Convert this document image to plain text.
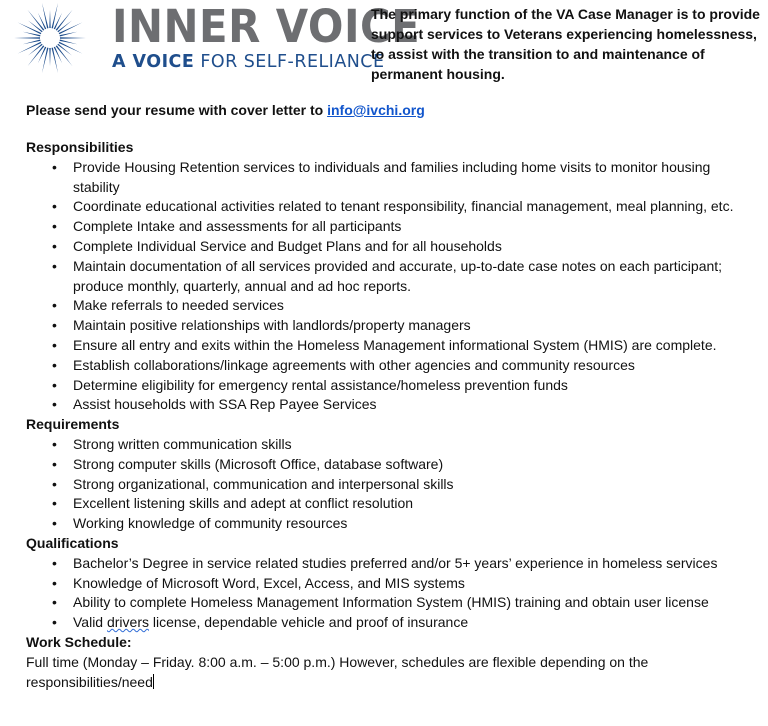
INNER VOICE
A VOICE FOR SELF-RELIANCE
The primary function of the VA Case Manager is to provide support services to Veterans experiencing homelessness, to assist with the transition to and maintenance of permanent housing.
Please send your resume with cover letter to info@ivchi.org
Responsibilities
• Provide Housing Retention services to individuals and families including home visits to monitor housing stability
• Coordinate educational activities related to tenant responsibility, financial management, meal planning, etc.
• Complete Intake and assessments for all participants
• Complete Individual Service and Budget Plans and for all households
• Maintain documentation of all services provided and accurate, up-to-date case notes on each participant; produce monthly, quarterly, annual and ad hoc reports.
• Make referrals to needed services
• Maintain positive relationships with landlords/property managers
• Ensure all entry and exits within the Homeless Management informational System (HMIS) are complete.
• Establish collaborations/linkage agreements with other agencies and community resources
• Determine eligibility for emergency rental assistance/homeless prevention funds
• Assist households with SSA Rep Payee Services
Requirements
• Strong written communication skills
• Strong computer skills (Microsoft Office, database software)
• Strong organizational, communication and interpersonal skills
• Excellent listening skills and adept at conflict resolution
• Working knowledge of community resources
Qualifications
• Bachelor’s Degree in service related studies preferred and/or 5+ years’ experience in homeless services
• Knowledge of Microsoft Word, Excel, Access, and MIS systems
• Ability to complete Homeless Management Information System (HMIS) training and obtain user license
• Valid drivers license, dependable vehicle and proof of insurance
Work Schedule:
Full time (Monday – Friday. 8:00 a.m. – 5:00 p.m.) However, schedules are flexible depending on the responsibilities/need
